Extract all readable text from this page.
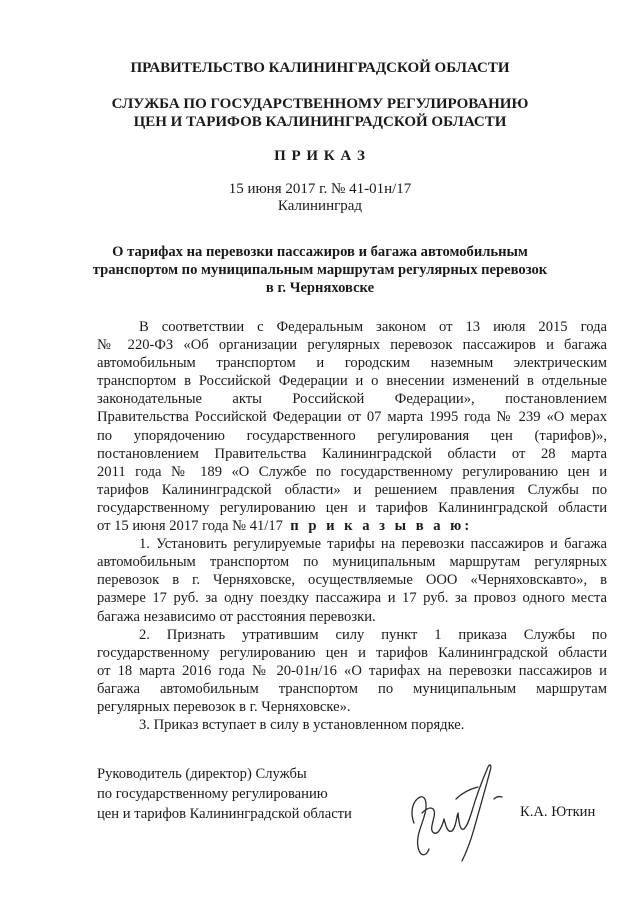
ПРАВИТЕЛЬСТВО КАЛИНИНГРАДСКОЙ ОБЛАСТИ
СЛУЖБА ПО ГОСУДАРСТВЕННОМУ РЕГУЛИРОВАНИЮ
ЦЕН И ТАРИФОВ КАЛИНИНГРАДСКОЙ ОБЛАСТИ
П Р И К А З
15 июня 2017 г. № 41-01н/17
Калининград
О тарифах на перевозки пассажиров и багажа автомобильным
транспортом по муниципальным маршрутам регулярных перевозок
в г. Черняховске
В соответствии с Федеральным законом от 13 июля 2015 года
№ 220-ФЗ «Об организации регулярных перевозок пассажиров и багажа
автомобильным транспортом и городским наземным электрическим
транспортом в Российской Федерации и о внесении изменений в отдельные
законодательные акты Российской Федерации», постановлением
Правительства Российской Федерации от 07 марта 1995 года № 239 «О мерах
по упорядочению государственного регулирования цен (тарифов)»,
постановлением Правительства Калининградской области от 28 марта
2011 года № 189 «О Службе по государственному регулированию цен и
тарифов Калининградской области» и решением правления Службы по
государственному регулированию цен и тарифов Калининградской области
от 15 июня 2017 года № 41/17 п р и к а з ы в а ю:
1. Установить регулируемые тарифы на перевозки пассажиров и багажа
автомобильным транспортом по муниципальным маршрутам регулярных
перевозок в г. Черняховске, осуществляемые ООО «Черняховскавто», в
размере 17 руб. за одну поездку пассажира и 17 руб. за провоз одного места
багажа независимо от расстояния перевозки.
2. Признать утратившим силу пункт 1 приказа Службы по
государственному регулированию цен и тарифов Калининградской области
от 18 марта 2016 года № 20-01н/16 «О тарифах на перевозки пассажиров и
багажа автомобильным транспортом по муниципальным маршрутам
регулярных перевозок в г. Черняховске».
3. Приказ вступает в силу в установленном порядке.
Руководитель (директор) Службы
по государственному регулированию
цен и тарифов Калининградской области	К.А. Юткин
